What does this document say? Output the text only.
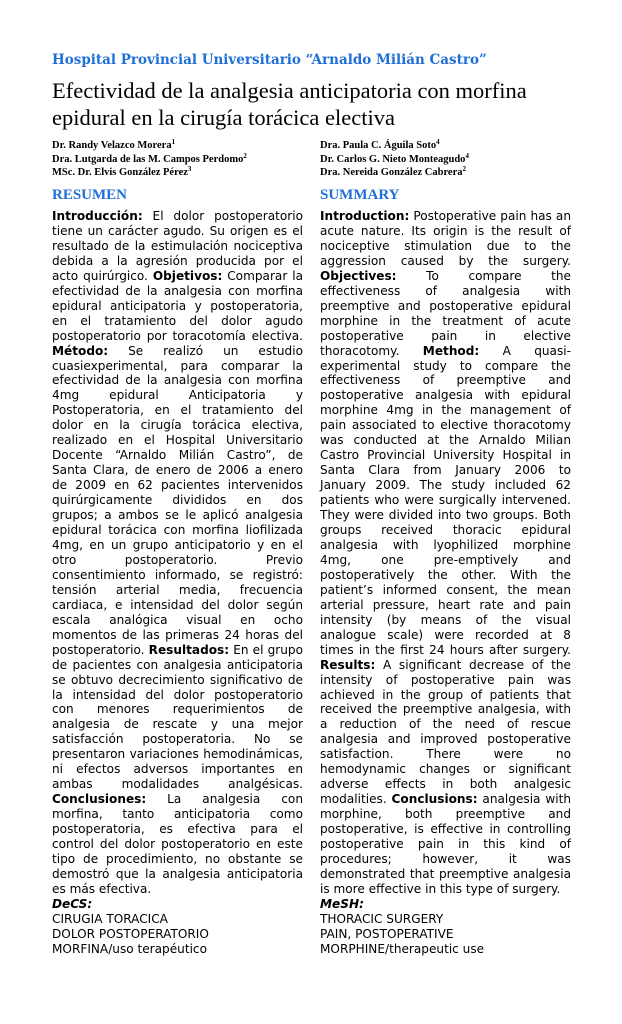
Hospital Provincial Universitario “Arnaldo Milián Castro”
Efectividad de la analgesia anticipatoria con morfina epidural en la cirugía torácica electiva
Dr. Randy Velazco Morera$^1$
Dra. Lutgarda de las M. Campos Perdomo$^2$
MSc. Dr. Elvis González Pérez$^3$
Dra. Paula C. Águila Soto$^4$
Dr. Carlos G. Nieto Monteagudo$^4$
Dra. Nereida González Cabrera$^2$
RESUMEN	SUMMARY
Introducción: El dolor postoperatorio tiene un carácter agudo. Su origen es el resultado de la estimulación nociceptiva debida a la agresión producida por el acto quirúrgico. Objetivos: Comparar la efectividad de la analgesia con morfina epidural anticipatoria y postoperatoria, en el tratamiento del dolor agudo postoperatorio por toracotomía electiva. Método: Se realizó un estudio cuasiexperimental, para comparar la efectividad de la analgesia con morfina 4mg epidural Anticipatoria y Postoperatoria, en el tratamiento del dolor en la cirugía torácica electiva, realizado en el Hospital Universitario Docente “Arnaldo Milián Castro”, de Santa Clara, de enero de 2006 a enero de 2009 en 62 pacientes intervenidos quirúrgicamente divididos en dos grupos; a ambos se le aplicó analgesia epidural torácica con morfina liofilizada 4mg, en un grupo anticipatorio y en el otro postoperatorio. Previo consentimiento informado, se registró: tensión arterial media, frecuencia cardiaca, e intensidad del dolor según escala analógica visual en ocho momentos de las primeras 24 horas del postoperatorio. Resultados: En el grupo de pacientes con analgesia anticipatoria se obtuvo decrecimiento significativo de la intensidad del dolor postoperatorio con menores requerimientos de analgesia de rescate y una mejor satisfacción postoperatoria. No se presentaron variaciones hemodinámicas, ni efectos adversos importantes en ambas modalidades analgésicas. Conclusiones: La analgesia con morfina, tanto anticipatoria como postoperatoria, es efectiva para el control del dolor postoperatorio en este tipo de procedimiento, no obstante se demostró que la analgesia anticipatoria es más efectiva.
DeCS:
CIRUGIA TORACICA
DOLOR POSTOPERATORIO
MORFINA/uso terapéutico
Introduction: Postoperative pain has an acute nature. Its origin is the result of nociceptive stimulation due to the aggression caused by the surgery. Objectives: To compare the effectiveness of analgesia with preemptive and postoperative epidural morphine in the treatment of acute postoperative pain in elective thoracotomy. Method: A quasi-experimental study to compare the effectiveness of preemptive and postoperative analgesia with epidural morphine 4mg in the management of pain associated to elective thoracotomy was conducted at the Arnaldo Milian Castro Provincial University Hospital in Santa Clara from January 2006 to January 2009. The study included 62 patients who were surgically intervened. They were divided into two groups. Both groups received thoracic epidural analgesia with lyophilized morphine 4mg, one pre-emptively and postoperatively the other. With the patient’s informed consent, the mean arterial pressure, heart rate and pain intensity (by means of the visual analogue scale) were recorded at 8 times in the first 24 hours after surgery. Results: A significant decrease of the intensity of postoperative pain was achieved in the group of patients that received the preemptive analgesia, with a reduction of the need of rescue analgesia and improved postoperative satisfaction. There were no hemodynamic changes or significant adverse effects in both analgesic modalities. Conclusions: analgesia with morphine, both preemptive and postoperative, is effective in controlling postoperative pain in this kind of procedures; however, it was demonstrated that preemptive analgesia is more effective in this type of surgery.
MeSH:
THORACIC SURGERY
PAIN, POSTOPERATIVE
MORPHINE/therapeutic use
